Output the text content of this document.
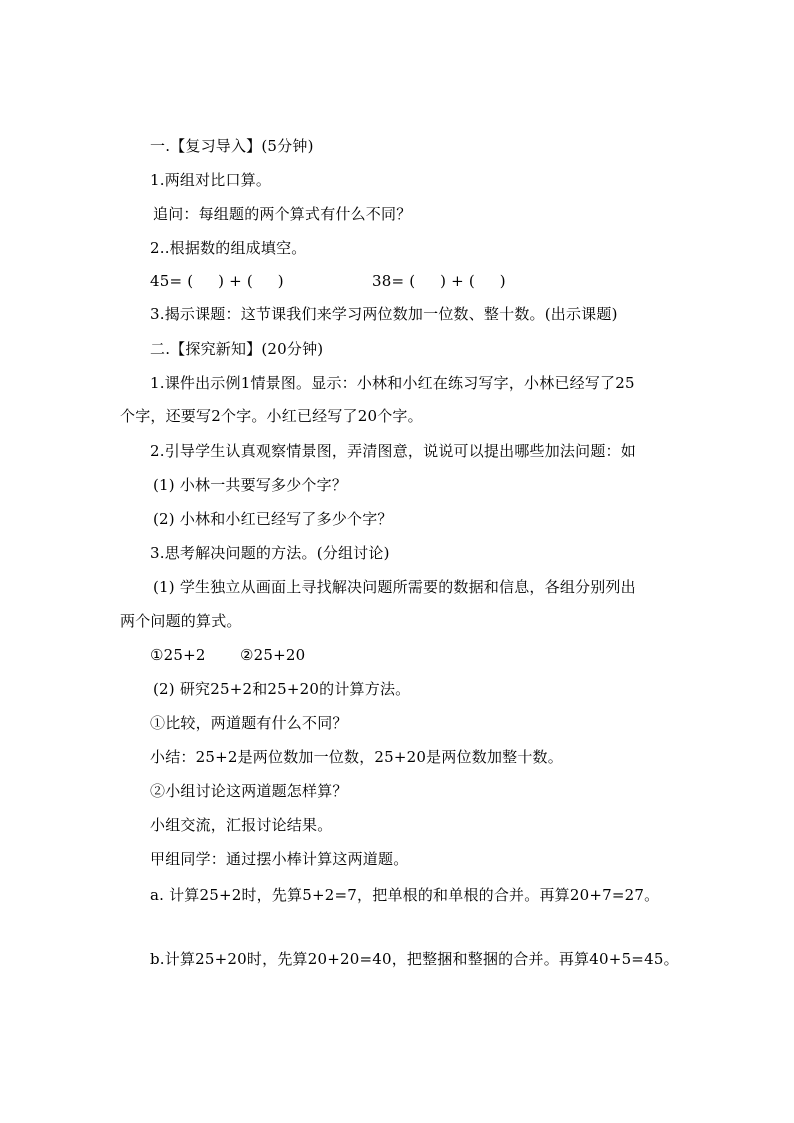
一.【复习导入】(5分钟)
1.两组对比口算。
追问：每组题的两个算式有什么不同？
2..根据数的组成填空。
45= (     ) + (     )	38= (     ) + (     )
3.揭示课题：这节课我们来学习两位数加一位数、整十数。(出示课题)
二.【探究新知】(20分钟)
1.课件出示例1情景图。显示：小林和小红在练习写字，小林已经写了25
个字，还要写2个字。小红已经写了20个字。
2.引导学生认真观察情景图，弄清图意，说说可以提出哪些加法问题：如
(1) 小林一共要写多少个字？
(2) 小林和小红已经写了多少个字？
3.思考解决问题的方法。(分组讨论)
(1) 学生独立从画面上寻找解决问题所需要的数据和信息，各组分别列出
两个问题的算式。
①25+2 ②25+20
(2) 研究25+2和25+20的计算方法。
①比较，两道题有什么不同？
小结：25+2是两位数加一位数，25+20是两位数加整十数。
②小组讨论这两道题怎样算？
小组交流，汇报讨论结果。
甲组同学：通过摆小棒计算这两道题。
a. 计算25+2时，先算5+2=7，把单根的和单根的合并。再算20+7=27。
b.计算25+20时，先算20+20=40，把整捆和整捆的合并。再算40+5=45。
